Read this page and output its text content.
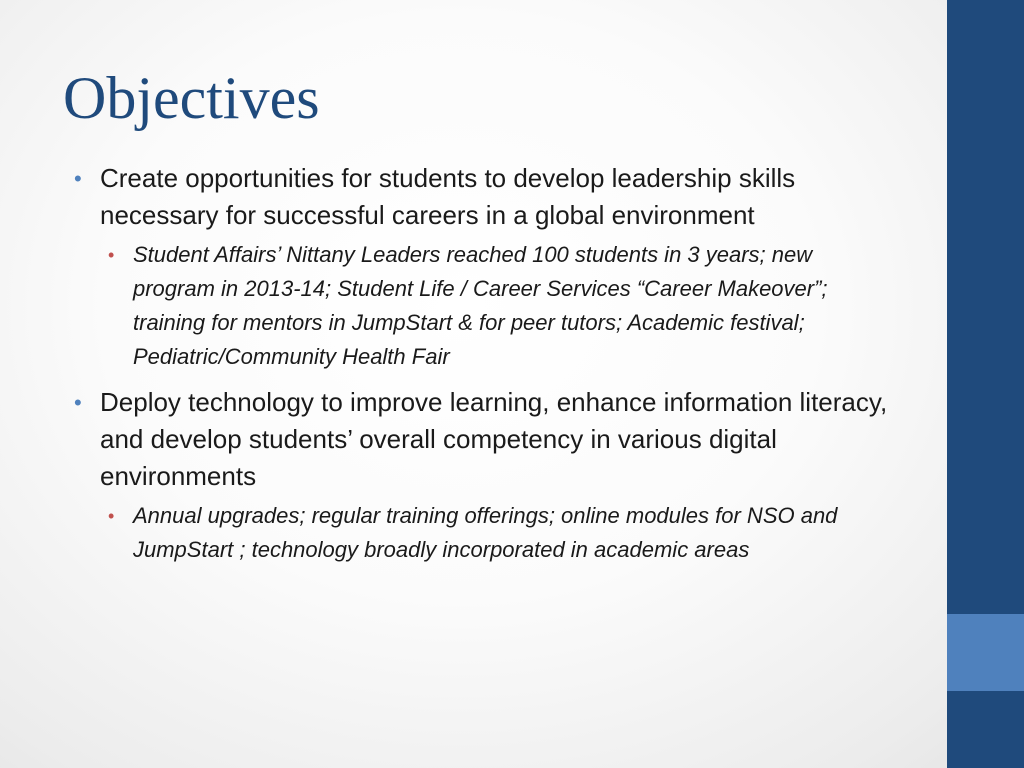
Objectives
• Create opportunities for students to develop leadership skills necessary for successful careers in a global environment
• Student Affairs’ Nittany Leaders reached 100 students in 3 years; new program in 2013-14; Student Life / Career Services “Career Makeover”; training for mentors in JumpStart & for peer tutors; Academic festival; Pediatric/Community Health Fair
• Deploy technology to improve learning, enhance information literacy, and develop students’ overall competency in various digital environments
• Annual upgrades; regular training offerings; online modules for NSO and JumpStart ; technology broadly incorporated in academic areas
